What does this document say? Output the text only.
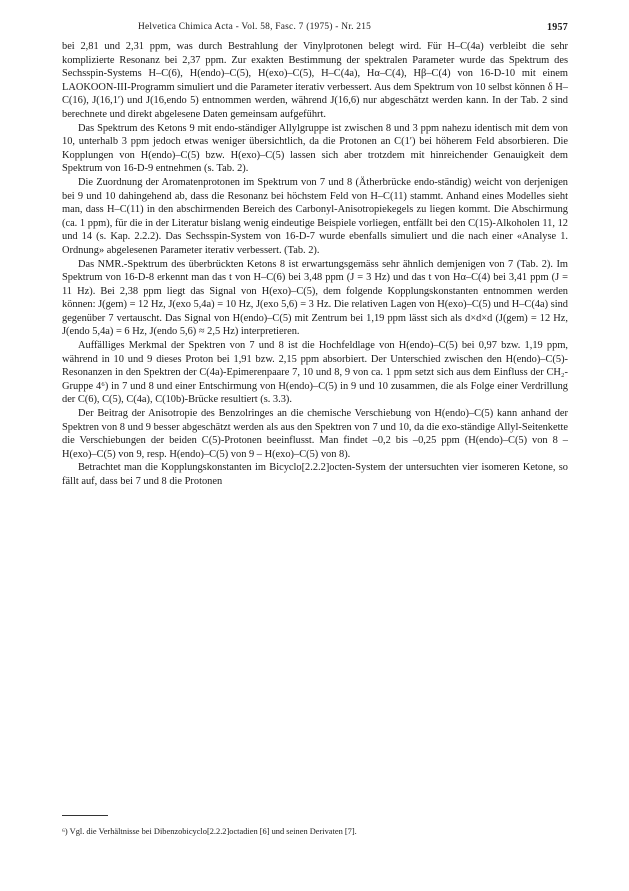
Helvetica Chimica Acta - Vol. 58, Fasc. 7 (1975) - Nr. 215	1957

bei 2,81 und 2,31 ppm, was durch Bestrahlung der Vinylprotonen belegt wird. Für H–C(4a) verbleibt die sehr komplizierte Resonanz bei 2,37 ppm. Zur exakten Bestimmung der spektralen Parameter wurde das Spektrum des Sechsspin-Systems H–C(6), H(endo)–C(5), H(exo)–C(5), H–C(4a), Hα–C(4), Hβ–C(4) von 16-D-10 mit einem LAOKOON-III-Programm simuliert und die Parameter iterativ verbessert. Aus dem Spektrum von 10 selbst können δ H–C(16), J(16,1′) und J(16,endo 5) entnommen werden, während J(16,6) nur abgeschätzt werden kann. In der Tab. 2 sind berechnete und direkt abgelesene Daten gemeinsam aufgeführt.

Das Spektrum des Ketons 9 mit endo-ständiger Allylgruppe ist zwischen 8 und 3 ppm nahezu identisch mit dem von 10, unterhalb 3 ppm jedoch etwas weniger übersichtlich, da die Protonen an C(1′) bei höherem Feld absorbieren. Die Kopplungen von H(endo)–C(5) bzw. H(exo)–C(5) lassen sich aber trotzdem mit hinreichender Genauigkeit dem Spektrum von 16-D-9 entnehmen (s. Tab. 2).

Die Zuordnung der Aromatenprotonen im Spektrum von 7 und 8 (Ätherbrücke endo-ständig) weicht von derjenigen bei 9 und 10 dahingehend ab, dass die Resonanz bei höchstem Feld von H–C(11) stammt. Anhand eines Modelles sieht man, dass H–C(11) in den abschirmenden Bereich des Carbonyl-Anisotropiekegels zu liegen kommt. Die Abschirmung (ca. 1 ppm), für die in der Literatur bislang wenig eindeutige Beispiele vorliegen, entfällt bei den C(15)-Alkoholen 11, 12 und 14 (s. Kap. 2.2.2). Das Sechsspin-System von 16-D-7 wurde ebenfalls simuliert und die nach einer «Analyse 1. Ordnung» abgelesenen Parameter iterativ verbessert. (Tab. 2).

Das NMR.-Spektrum des überbrückten Ketons 8 ist erwartungsgemäss sehr ähnlich demjenigen von 7 (Tab. 2). Im Spektrum von 16-D-8 erkennt man das t von H–C(6) bei 3,48 ppm (J = 3 Hz) und das t von Hα–C(4) bei 3,41 ppm (J = 11 Hz). Bei 2,38 ppm liegt das Signal von H(exo)–C(5), dem folgende Kopplungskonstanten entnommen werden können: J(gem) = 12 Hz, J(exo 5,4a) = 10 Hz, J(exo 5,6) = 3 Hz. Die relativen Lagen von H(exo)–C(5) und H–C(4a) sind gegenüber 7 vertauscht. Das Signal von H(endo)–C(5) mit Zentrum bei 1,19 ppm lässt sich als d×d×d (J(gem) = 12 Hz, J(endo 5,4a) = 6 Hz, J(endo 5,6) ≈ 2,5 Hz) interpretieren.

Auffälliges Merkmal der Spektren von 7 und 8 ist die Hochfeldlage von H(endo)–C(5) bei 0,97 bzw. 1,19 ppm, während in 10 und 9 dieses Proton bei 1,91 bzw. 2,15 ppm absorbiert. Der Unterschied zwischen den H(endo)–C(5)-Resonanzen in den Spektren der C(4a)-Epimerenpaare 7, 10 und 8, 9 von ca. 1 ppm setzt sich aus dem Einfluss der CH₂-Gruppe 4⁶) in 7 und 8 und einer Entschirmung von H(endo)–C(5) in 9 und 10 zusammen, die als Folge einer Verdrillung der C(6), C(5), C(4a), C(10b)-Brücke resultiert (s. 3.3).

Der Beitrag der Anisotropie des Benzolringes an die chemische Verschiebung von H(endo)–C(5) kann anhand der Spektren von 8 und 9 besser abgeschätzt werden als aus den Spektren von 7 und 10, da die exo-ständige Allyl-Seitenkette die Verschiebungen der beiden C(5)-Protonen beeinflusst. Man findet –0,2 bis –0,25 ppm (H(endo)–C(5) von 8 – H(exo)–C(5) von 9, resp. H(endo)–C(5) von 9 – H(exo)–C(5) von 8).

Betrachtet man die Kopplungskonstanten im Bicyclo[2.2.2]octen-System der untersuchten vier isomeren Ketone, so fällt auf, dass bei 7 und 8 die Protonen

⁶) Vgl. die Verhältnisse bei Dibenzobicyclo[2.2.2]octadien [6] und seinen Derivaten [7].
